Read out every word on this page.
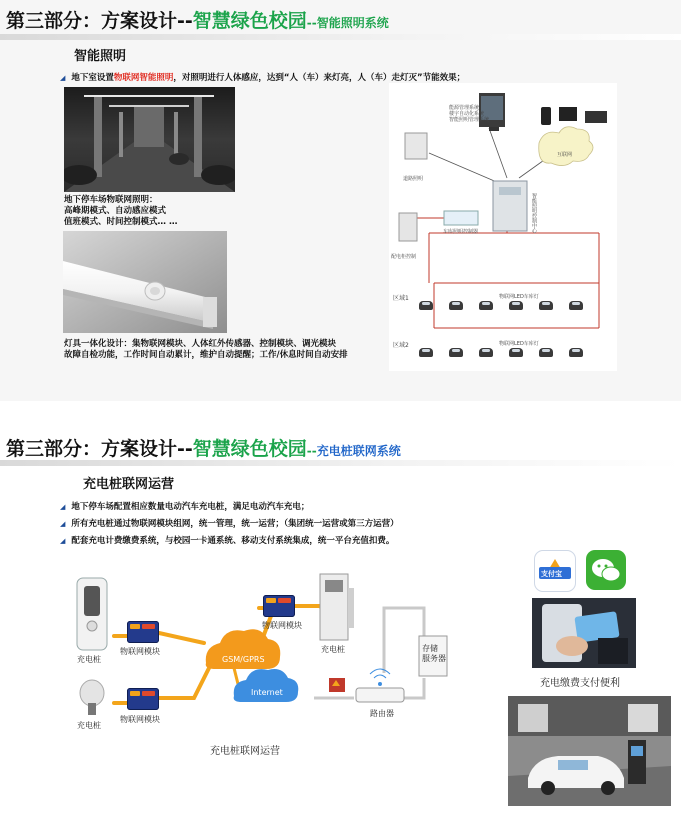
第三部分：方案设计--智慧绿色校园--智能照明系统
智能照明
◢ 地下室设置物联网智能照明，对照明进行人体感应，达到“人（车）来灯亮，人（车）走灯灭”节能效果；
地下停车场物联网照明：
高峰期模式、自动感应模式
值班模式、时间控制模式… …
灯具一体化设计：集物联网模块、人体红外传感器、控制模块、调光模块
故障自检功能，工作时间自动累计，维护自动提醒；工作/休息时间自动安排
能源管理系统
楼宇自动化系统
智能照明管理系统
互联网
道路照明
智能照明控制中心
配电柜控制
车库照明控制器
区域1	物联网LED车库灯
区域2	物联网LED车库灯
第三部分：方案设计--智慧绿色校园--充电桩联网系统
充电桩联网运营
◢ 地下停车场配置相应数量电动汽车充电桩，满足电动汽车充电；
◢ 所有充电桩通过物联网模块组网，统一管理，统一运营；（集团统一运营或第三方运营）
◢ 配套充电计费缴费系统，与校园一卡通系统、移动支付系统集成，统一平台充值扣费。
充电桩
充电桩
充电桩
物联网模块
物联网模块
物联网模块
GSM/GPRS
Internet
路由器
存储
服务器
充电桩联网运营
支付宝
充电缴费支付便利
